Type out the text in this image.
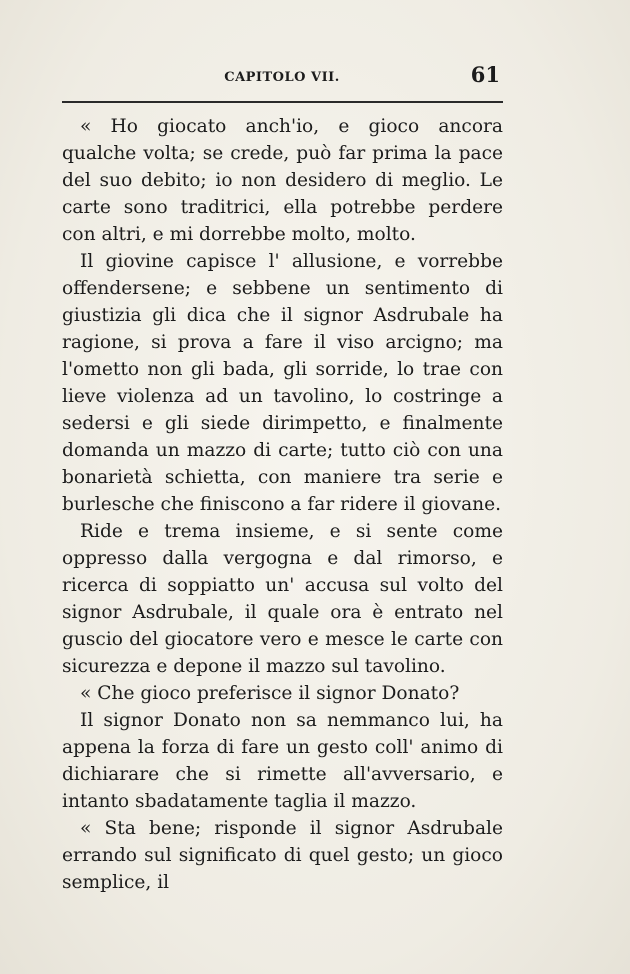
CAPITOLO VII.	61

« Ho giocato anch'io, e gioco ancora qualche volta; se crede, può far prima la pace del suo debito; io non desidero di meglio. Le carte sono traditrici, ella potrebbe perdere con altri, e mi dorrebbe molto, molto.

Il giovine capisce l' allusione, e vorrebbe offendersene; e sebbene un sentimento di giustizia gli dica che il signor Asdrubale ha ragione, si prova a fare il viso arcigno; ma l'ometto non gli bada, gli sorride, lo trae con lieve violenza ad un tavolino, lo costringe a sedersi e gli siede dirimpetto, e finalmente domanda un mazzo di carte; tutto ciò con una bonarietà schietta, con maniere tra serie e burlesche che finiscono a far ridere il giovane.

Ride e trema insieme, e si sente come oppresso dalla vergogna e dal rimorso, e ricerca di soppiatto un' accusa sul volto del signor Asdrubale, il quale ora è entrato nel guscio del giocatore vero e mesce le carte con sicurezza e depone il mazzo sul tavolino.

« Che gioco preferisce il signor Donato?

Il signor Donato non sa nemmanco lui, ha appena la forza di fare un gesto coll' animo di dichiarare che si rimette all'avversario, e intanto sbadatamente taglia il mazzo.

« Sta bene; risponde il signor Asdrubale errando sul significato di quel gesto; un gioco semplice, il
